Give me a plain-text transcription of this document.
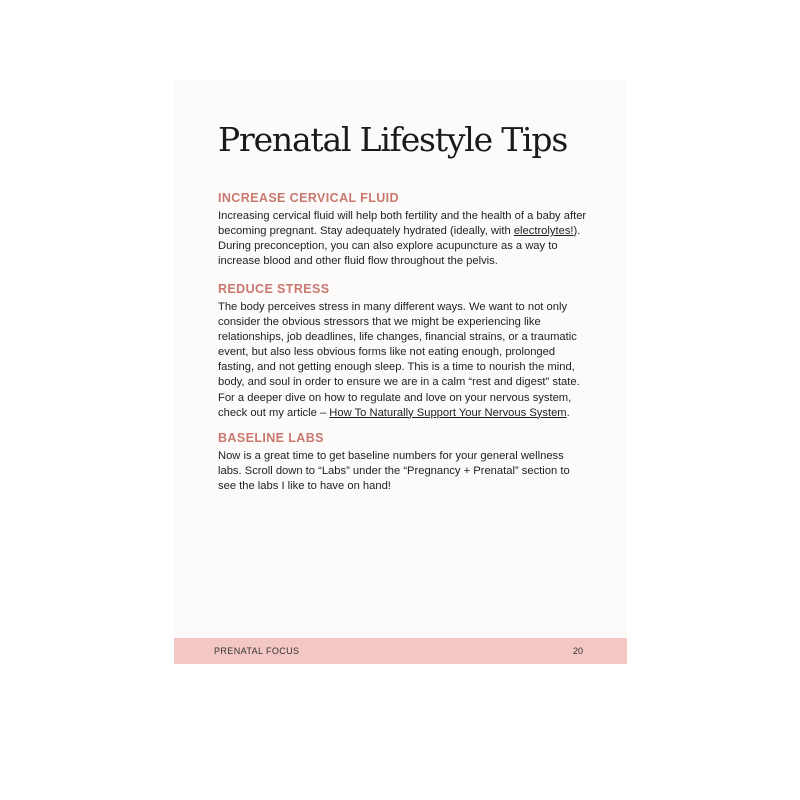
Prenatal Lifestyle Tips
INCREASE CERVICAL FLUID

Increasing cervical fluid will help both fertility and the health of a baby after becoming pregnant. Stay adequately hydrated (ideally, with electrolytes!). During preconception, you can also explore acupuncture as a way to increase blood and other fluid flow throughout the pelvis.

REDUCE STRESS

The body perceives stress in many different ways. We want to not only consider the obvious stressors that we might be experiencing like relationships, job deadlines, life changes, financial strains, or a traumatic event, but also less obvious forms like not eating enough, prolonged fasting, and not getting enough sleep. This is a time to nourish the mind, body, and soul in order to ensure we are in a calm “rest and digest” state. For a deeper dive on how to regulate and love on your nervous system, check out my article – How To Naturally Support Your Nervous System.

BASELINE LABS

Now is a great time to get baseline numbers for your general wellness labs. Scroll down to “Labs” under the “Pregnancy + Prenatal” section to see the labs I like to have on hand!

PRENATAL FOCUS	20
